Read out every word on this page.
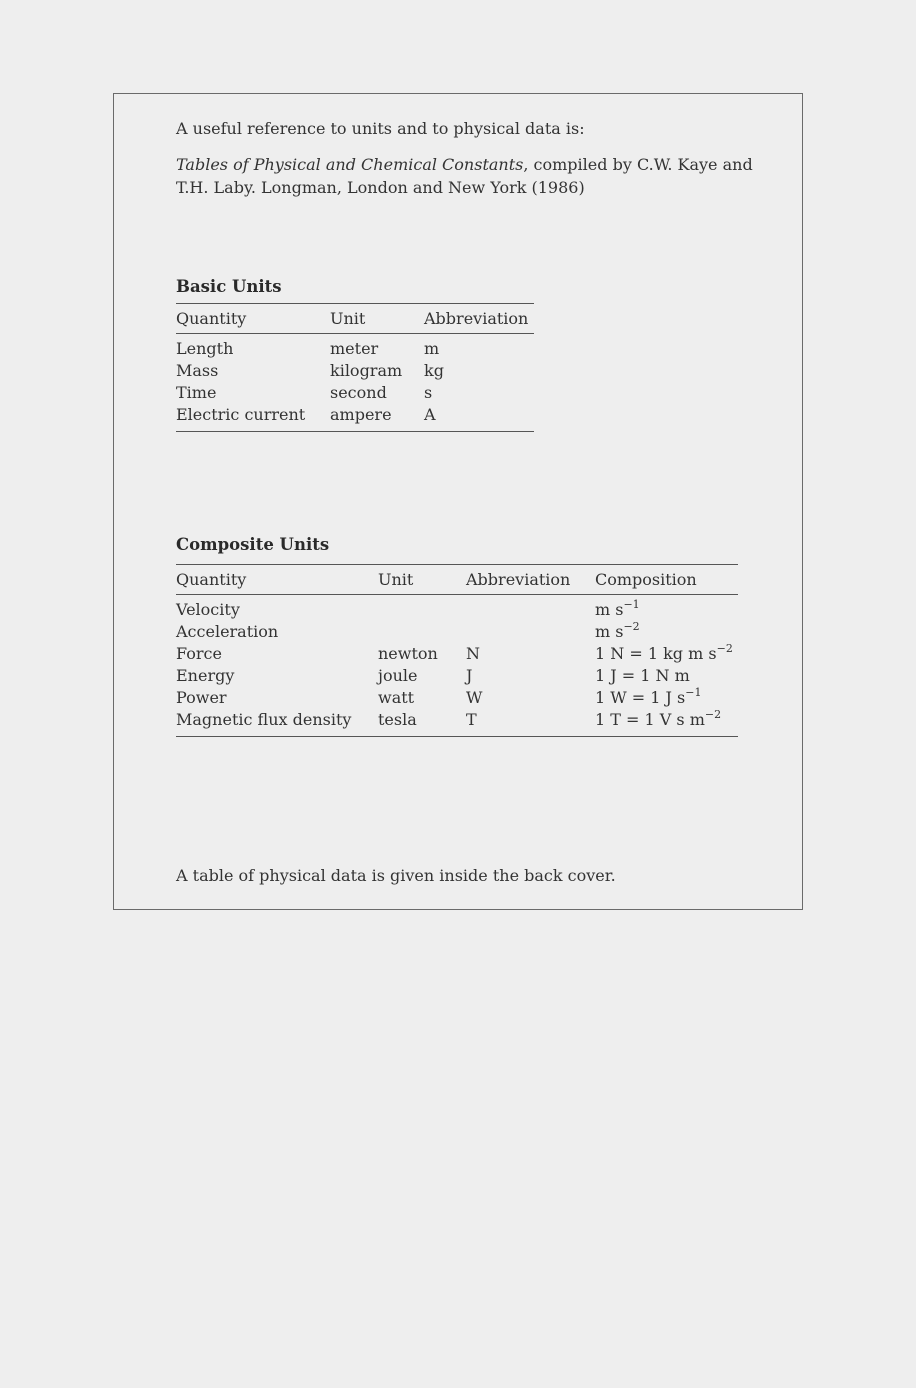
A useful reference to units and to physical data is:

Tables of Physical and Chemical Constants, compiled by C.W. Kaye and
T.H. Laby. Longman, London and New York (1986)

Basic Units
Quantity	Unit	Abbreviation
Length	meter	m
Mass	kilogram	kg
Time	second	s
Electric current	ampere	A
Composite Units
Quantity	Unit	Abbreviation	Composition
Velocity			m $s^{-1}$
Acceleration			m $s^{-2}$
Force	newton	N	1 N = 1 kg m $s^{-2}$
Energy	joule	J	1 J = 1 N m
Power	watt	W	1 W = 1 J $s^{-1}$
Magnetic flux density	tesla	T	1 T = 1 V s $m^{-2}$

A table of physical data is given inside the back cover.
